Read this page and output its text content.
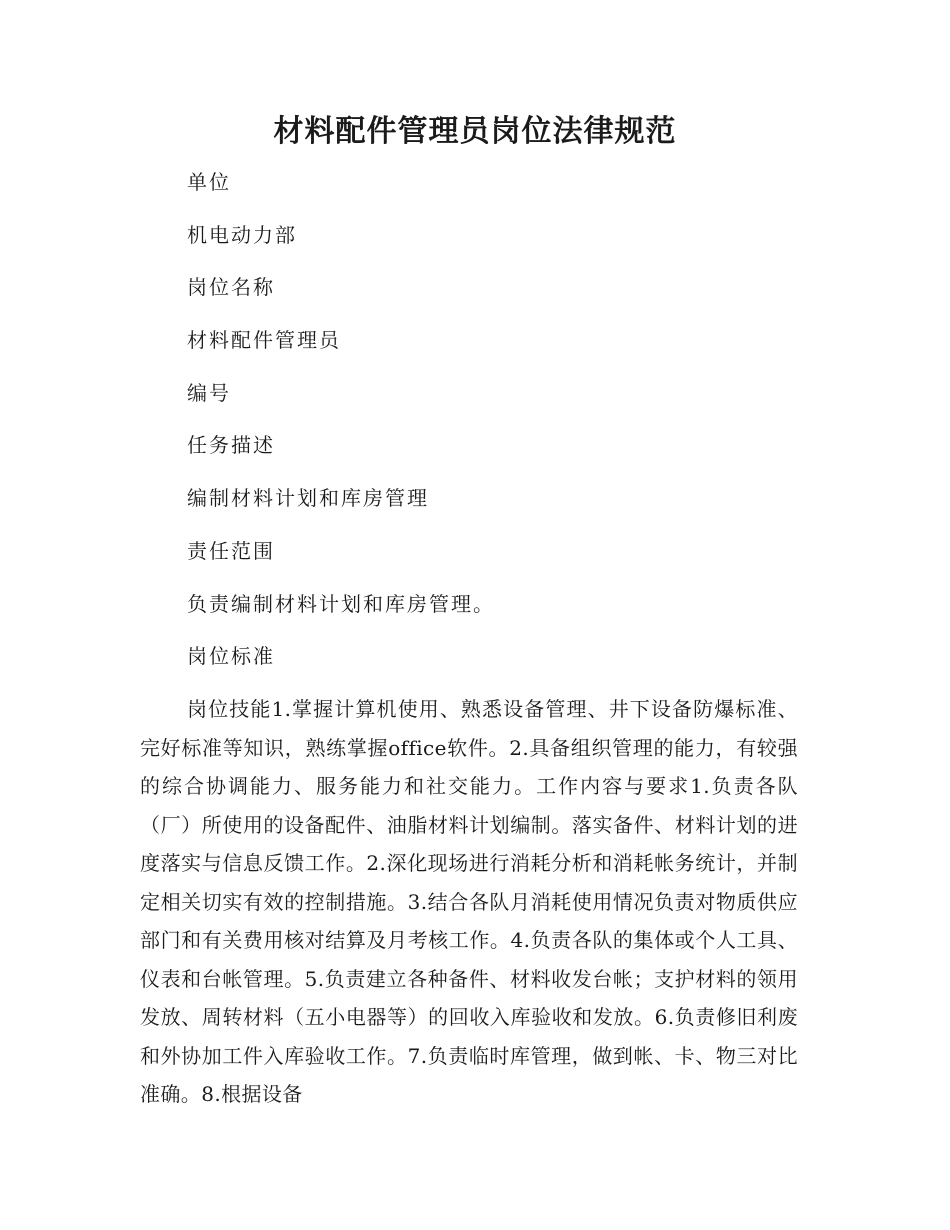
材料配件管理员岗位法律规范
单位
机电动力部
岗位名称
材料配件管理员
编号
任务描述
编制材料计划和库房管理
责任范围
负责编制材料计划和库房管理。
岗位标准

岗位技能1.掌握计算机使用、熟悉设备管理、井下设备防爆标准、完好标准等知识，熟练掌握office软件。2.具备组织管理的能力，有较强的综合协调能力、服务能力和社交能力。工作内容与要求1.负责各队（厂）所使用的设备配件、油脂材料计划编制。落实备件、材料计划的进度落实与信息反馈工作。2.深化现场进行消耗分析和消耗帐务统计，并制定相关切实有效的控制措施。3.结合各队月消耗使用情况负责对物质供应部门和有关费用核对结算及月考核工作。4.负责各队的集体或个人工具、仪表和台帐管理。5.负责建立各种备件、材料收发台帐；支护材料的领用发放、周转材料（五小电器等）的回收入库验收和发放。6.负责修旧利废和外协加工件入库验收工作。7.负责临时库管理，做到帐、卡、物三对比准确。8.根据设备
